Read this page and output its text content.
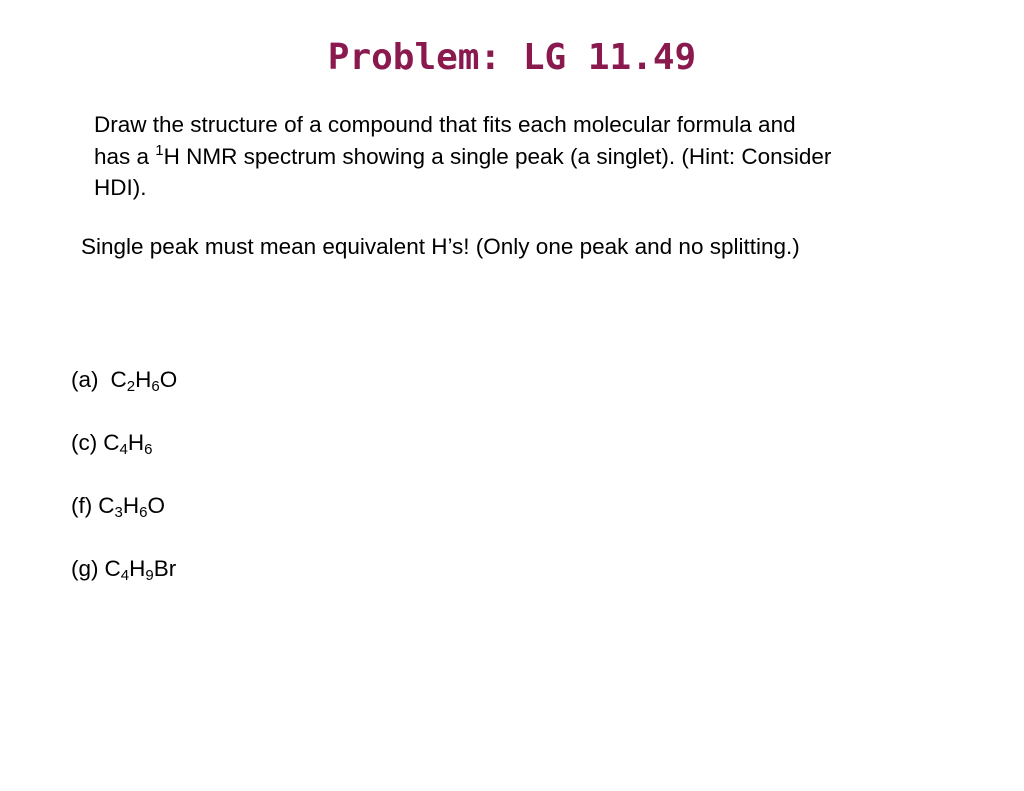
Problem: LG 11.49
Draw the structure of a compound that fits each molecular formula and
has a $^1$H NMR spectrum showing a single peak (a singlet). (Hint: Consider
HDI).
Single peak must mean equivalent H’s! (Only one peak and no splitting.)
(a) $C_2H_6O$
(c) $C_4H_6$
(f) $C_3H_6O$
(g) $C_4H_9Br$
